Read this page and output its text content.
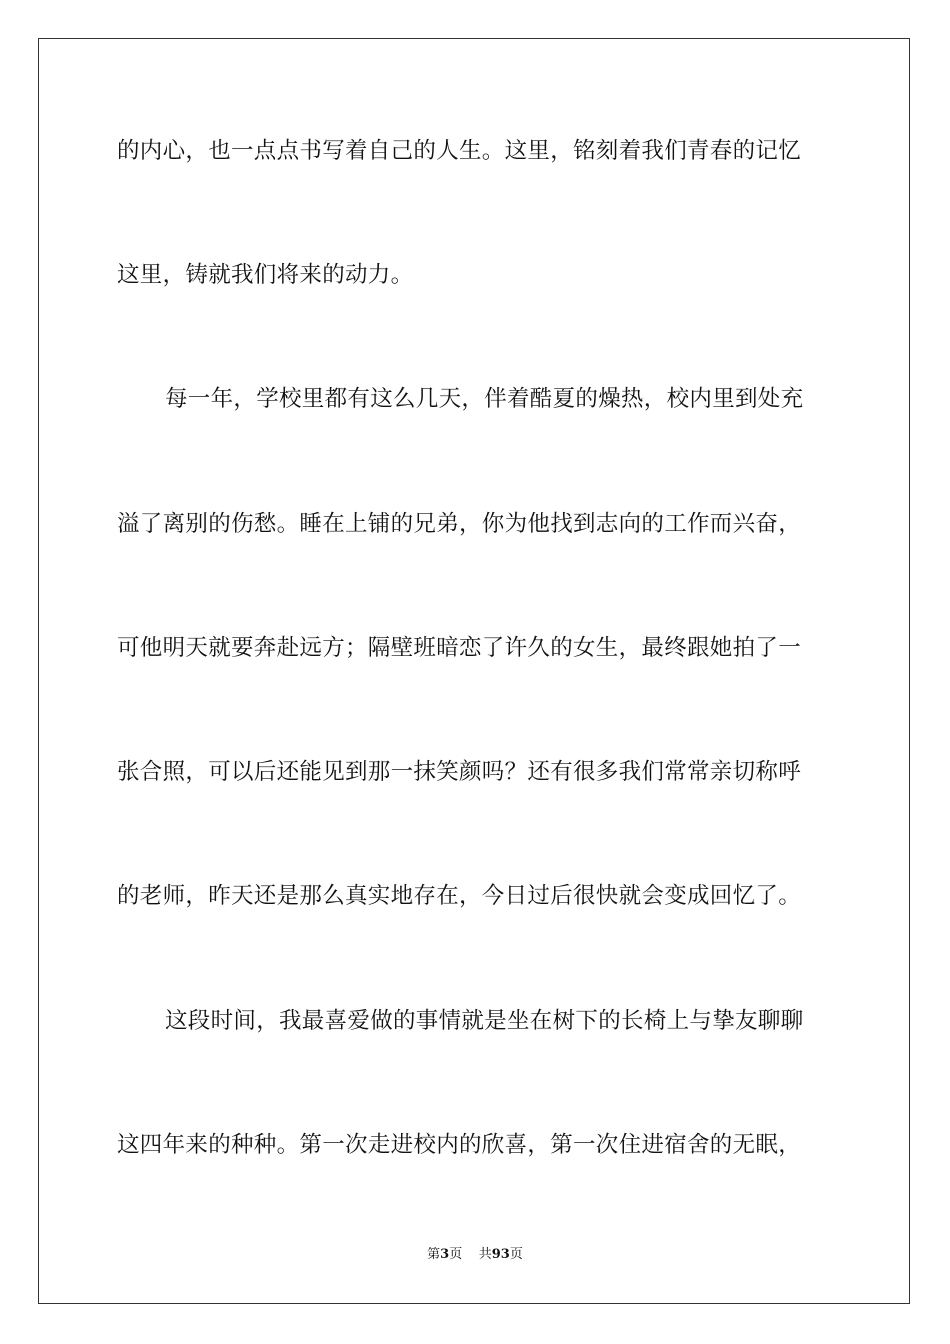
的内心，也一点点书写着自己的人生。这里，铭刻着我们青春的记忆
这里，铸就我们将来的动力。
每一年，学校里都有这么几天，伴着酷夏的燥热，校内里到处充
溢了离别的伤愁。睡在上铺的兄弟，你为他找到志向的工作而兴奋，
可他明天就要奔赴远方；隔壁班暗恋了许久的女生，最终跟她拍了一
张合照，可以后还能见到那一抹笑颜吗？还有很多我们常常亲切称呼
的老师，昨天还是那么真实地存在，今日过后很快就会变成回忆了。
这段时间，我最喜爱做的事情就是坐在树下的长椅上与挚友聊聊
这四年来的种种。第一次走进校内的欣喜，第一次住进宿舍的无眠，
第3页 共93页
